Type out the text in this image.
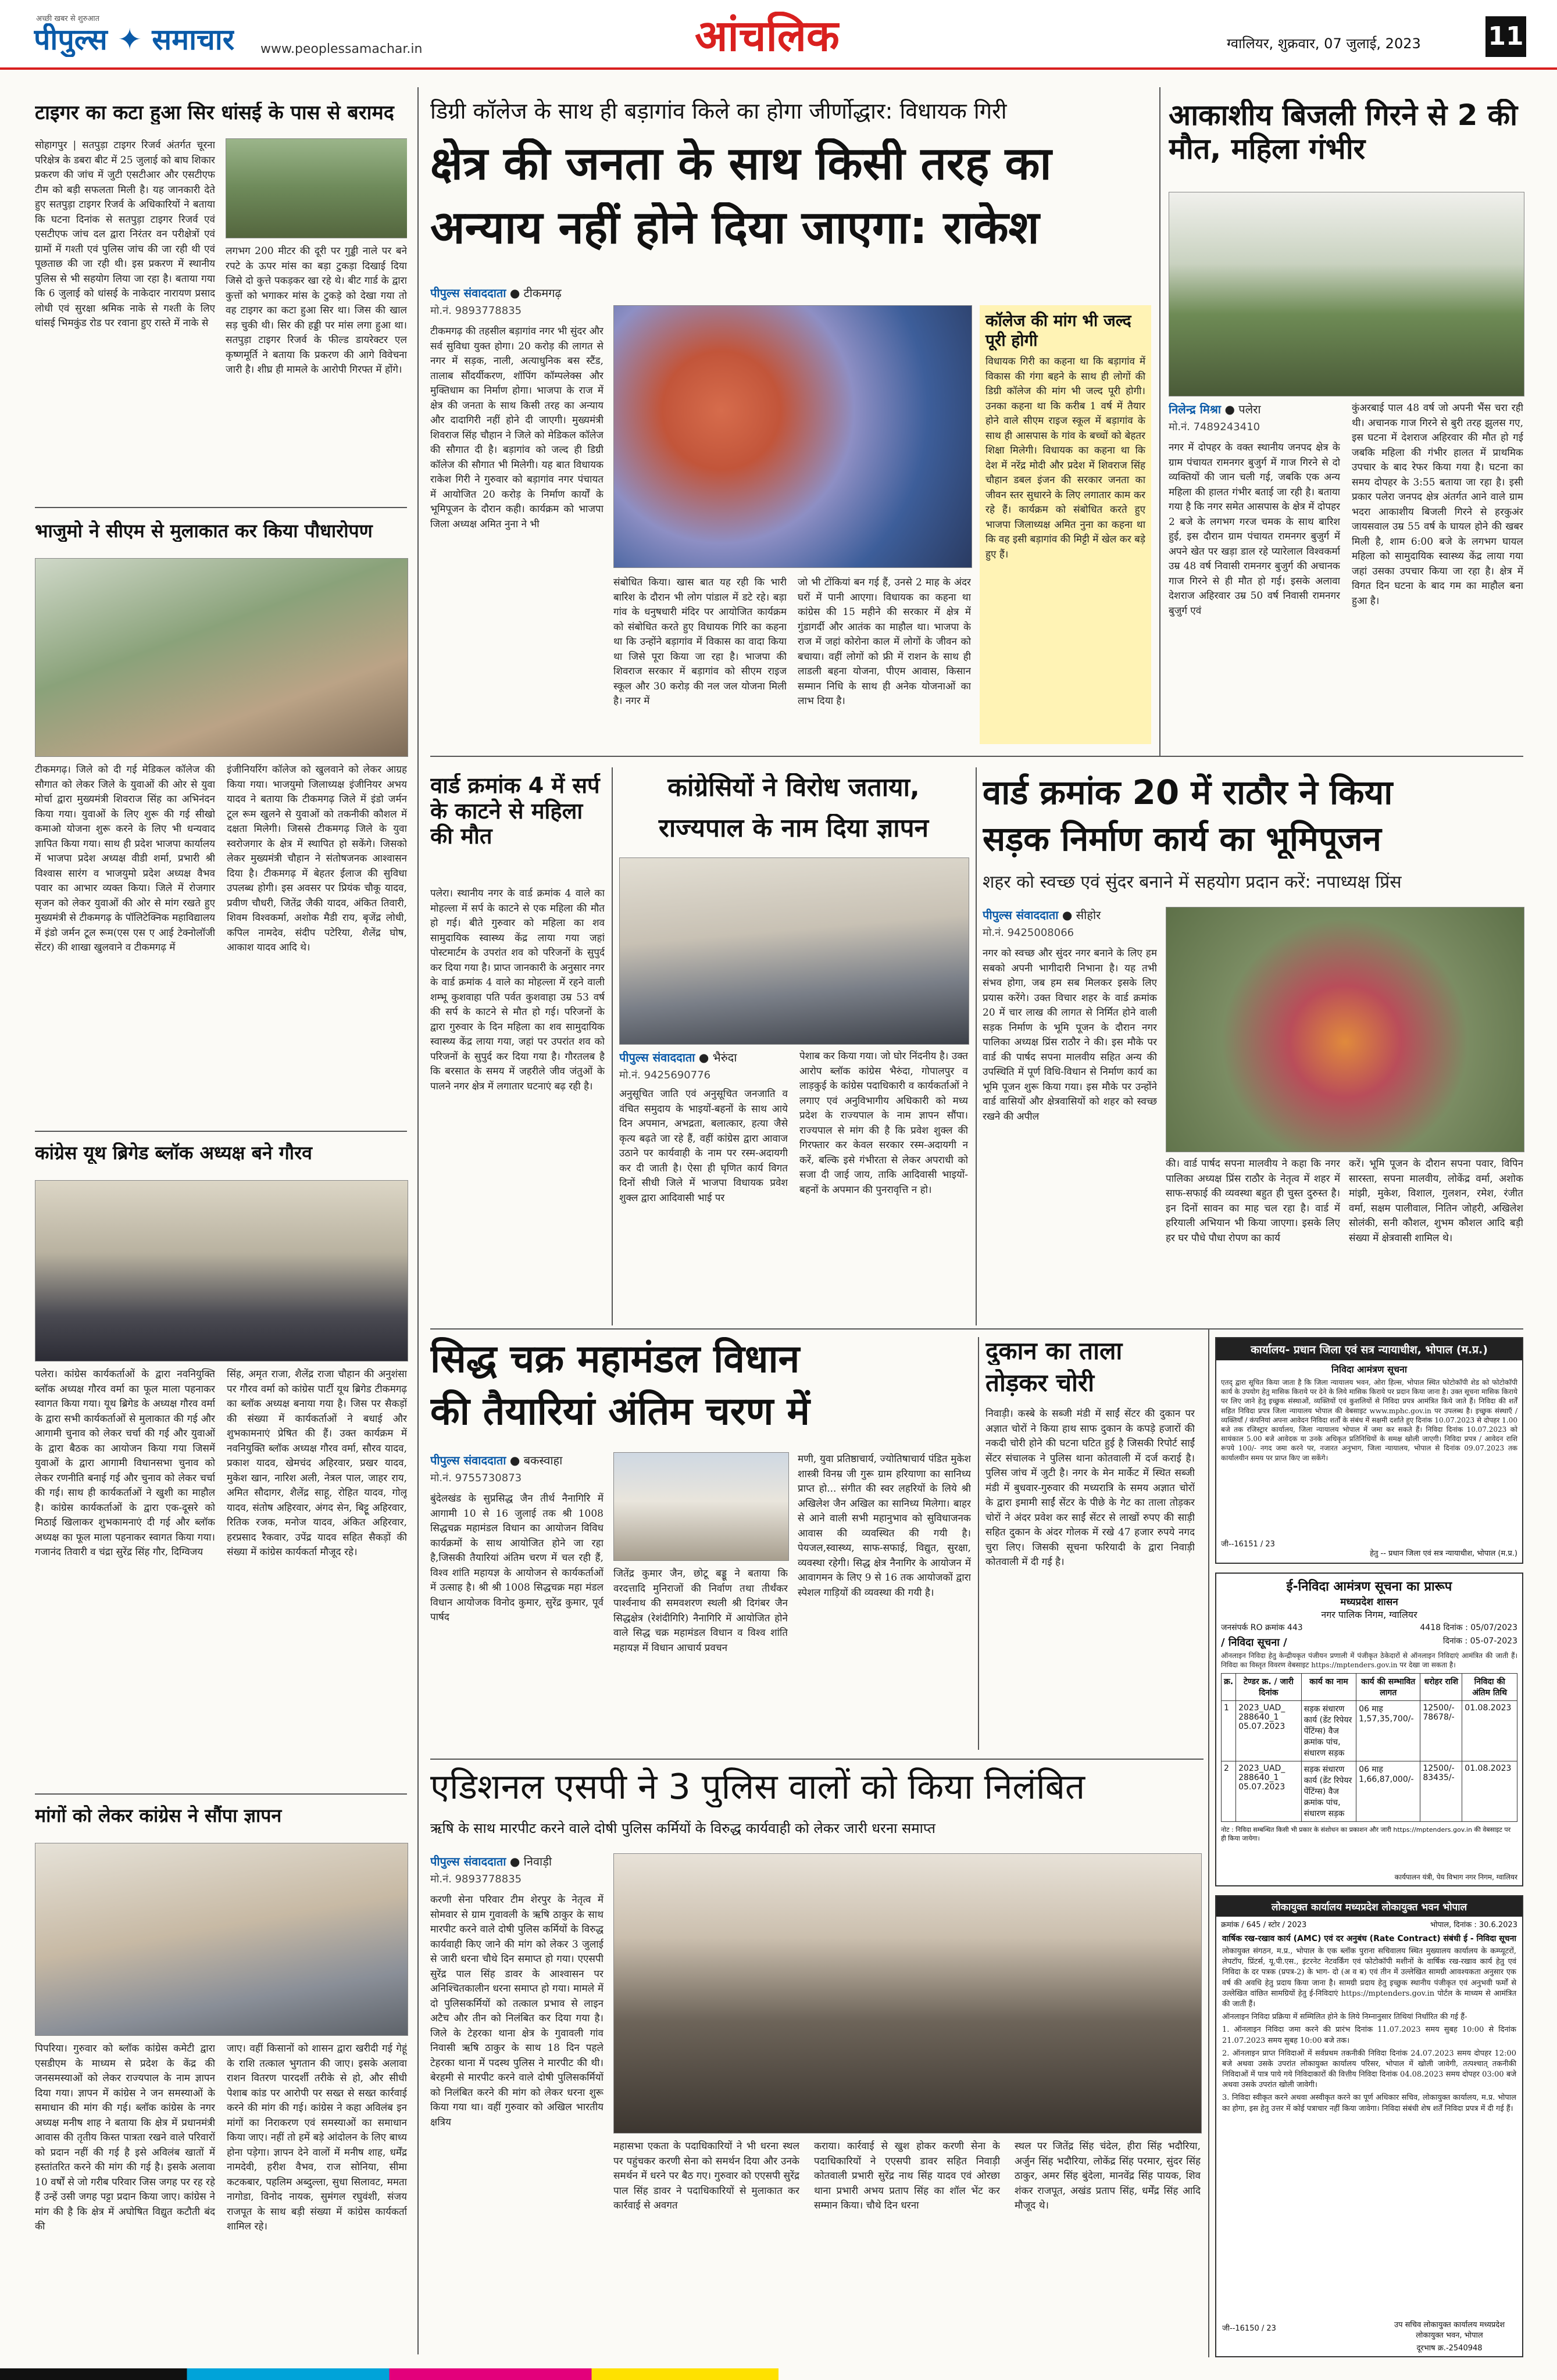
अच्छी खबर से शुरुआत
पीपुल्स ✦ समाचार www.peoplessamachar.in	आंचलिक	ग्वालियर, शुक्रवार, 07 जुलाई, 2023	11
टाइगर का कटा हुआ सिर धांसई के पास से बरामद
सोहागपुर | सतपुड़ा टाइगर रिजर्व अंतर्गत चूरना परिक्षेत्र के डबरा बीट में 25 जुलाई को बाघ शिकार प्रकरण की जांच में जुटी एसटीआर और एसटीएफ टीम को बड़ी सफलता मिली है। यह जानकारी देते हुए सतपुड़ा टाइगर रिजर्व के अधिकारियों ने बताया कि घटना दिनांक से सतपुड़ा टाइगर रिजर्व एवं एसटीएफ जांच दल द्वारा निरंतर वन परीक्षेत्रों एवं ग्रामों में गश्ती एवं पुलिस जांच की जा रही थी एवं पूछताछ की जा रही थी। इस प्रकरण में स्थानीय पुलिस से भी सहयोग लिया जा रहा है। बताया गया कि 6 जुलाई को धांसई के नाकेदार नारायण प्रसाद लोधी एवं सुरक्षा श्रमिक नाके से गश्ती के लिए धांसई भिमकुंड रोड पर रवाना हुए रास्ते में नाके से
लगभग 200 मीटर की दूरी पर गुड्डी नाले पर बने रपटे के ऊपर मांस का बड़ा टुकड़ा दिखाई दिया जिसे दो कुत्ते पकड़कर खा रहे थे। बीट गार्ड के द्वारा कुत्तों को भगाकर मांस के टुकड़े को देखा गया तो वह टाइगर का कटा हुआ सिर था। जिस की खाल सड़ चुकी थी। सिर की हड्डी पर मांस लगा हुआ था। सतपुड़ा टाइगर रिजर्व के फील्ड डायरेक्टर एल कृष्णमूर्ति ने बताया कि प्रकरण की आगे विवेचना जारी है। शीघ्र ही मामले के आरोपी गिरफ्त में होंगे।
भाजुमो ने सीएम से मुलाकात कर किया पौधारोपण
टीकमगढ़। जिले को दी गई मेडिकल कॉलेज की सौगात को लेकर जिले के युवाओं की ओर से युवा मोर्चा द्वारा मुख्यमंत्री शिवराज सिंह का अभिनंदन किया गया। युवाओं के लिए शुरू की गई सीखो कमाओ योजना शुरू करने के लिए भी धन्यवाद ज्ञापित किया गया। साथ ही प्रदेश भाजपा कार्यालय में भाजपा प्रदेश अध्यक्ष वीडी शर्मा, प्रभारी श्री विश्वास सारंग व भाजयुमो प्रदेश अध्यक्ष वैभव पवार का आभार व्यक्त किया। जिले में रोजगार सृजन को लेकर युवाओं की ओर से मांग रखते हुए मुख्यमंत्री से टीकमगढ़ के पॉलिटेक्निक महाविद्यालय में इंडो जर्मन टूल रूम(एस एस ए आई टेक्नोलॉजी सेंटर) की शाखा खुलवाने व टीकमगढ़ में
इंजीनियरिंग कॉलेज को खुलवाने को लेकर आग्रह किया गया। भाजयुमो जिलाध्यक्ष इंजीनियर अभय यादव ने बताया कि टीकमगढ़ जिले में इंडो जर्मन टूल रूम खुलने से युवाओं को तकनीकी कौशल में दक्षता मिलेगी। जिससे टीकमगढ़ जिले के युवा स्वरोजगार के क्षेत्र में स्थापित हो सकेंगे। जिसको लेकर मुख्यमंत्री चौहान ने संतोषजनक आश्वासन दिया है। टीकमगढ़ में बेहतर ईलाज की सुविधा उपलब्ध होगी। इस अवसर पर प्रियंक चौकू यादव, प्रवीण चौधरी, जितेंद्र जैकी यादव, अंकित तिवारी, शिवम विश्वकर्मा, अशोक मैडी राय, बृजेंद्र लोधी, कपिल नामदेव, संदीप पटेरिया, शैलेंद्र घोष, आकाश यादव आदि थे।
कांग्रेस यूथ ब्रिगेड ब्लॉक अध्यक्ष बने गौरव
पलेरा। कांग्रेस कार्यकर्ताओं के द्वारा नवनियुक्ति ब्लॉक अध्यक्ष गौरव वर्मा का फूल माला पहनाकर स्वागत किया गया। यूथ ब्रिगेड के अध्यक्ष गौरव वर्मा के द्वारा सभी कार्यकर्ताओं से मुलाकात की गई और आगामी चुनाव को लेकर चर्चा की गई और युवाओं के द्वारा बैठक का आयोजन किया गया जिसमें युवाओं के द्वारा आगामी विधानसभा चुनाव को लेकर रणनीति बनाई गई और चुनाव को लेकर चर्चा की गई। साथ ही कार्यकर्ताओं ने खुशी का माहौल है। कांग्रेस कार्यकर्ताओं के द्वारा एक-दूसरे को मिठाई खिलाकर शुभकामनाएं दी गई और ब्लॉक अध्यक्ष का फूल माला पहनाकर स्वागत किया गया। गजानंद तिवारी व चंद्रा सुरेंद्र सिंह गौर, दिग्विजय
सिंह, अमृत राजा, शैलेंद्र राजा चौहान की अनुशंसा पर गौरव वर्मा को कांग्रेस पार्टी यूथ ब्रिगेड टीकमगढ़ का ब्लॉक अध्यक्ष बनाया गया है। जिस पर सैकड़ों की संख्या में कार्यकर्ताओं ने बधाई और शुभकामनाएं प्रेषित की हैं। उक्त कार्यक्रम में नवनियुक्ति ब्लॉक अध्यक्ष गौरव वर्मा, सौरव यादव, प्रकाश यादव, खेमचंद अहिरवार, प्रखर यादव, मुकेश खान, नारिश अली, नेत्रल पाल, जाहर राय, अमित सौदागर, शैलेंद्र साहू, रोहित यादव, गोलू यादव, संतोष अहिरवार, अंगद सेन, बिट्टू अहिरवार, रितिक रजक, मनोज यादव, अंकित अहिरवार, हरप्रसाद रैकवार, उपेंद्र यादव सहित सैकड़ों की संख्या में कांग्रेस कार्यकर्ता मौजूद रहे।
मांगों को लेकर कांग्रेस ने सौंपा ज्ञापन
पिपरिया। गुरुवार को ब्लॉक कांग्रेस कमेटी द्वारा एसडीएम के माध्यम से प्रदेश के केंद्र की जनसमस्याओं को लेकर राज्यपाल के नाम ज्ञापन दिया गया। ज्ञापन में कांग्रेस ने जन समस्याओं के समाधान की मांग की गई। ब्लॉक कांग्रेस के नगर अध्यक्ष मनीष शाह ने बताया कि क्षेत्र में प्रधानमंत्री आवास की तृतीय किस्त पात्रता रखने वाले परिवारों को प्रदान नहीं की गई है इसे अविलंब खातों में हस्तांतरित करने की मांग की गई है। इसके अलावा 10 वर्षों से जो गरीब परिवार जिस जगह पर रह रहे हैं उन्हें उसी जगह पट्टा प्रदान किया जाए। कांग्रेस ने मांग की है कि क्षेत्र में अघोषित विद्युत कटौती बंद की
जाए। वहीं किसानों को शासन द्वारा खरीदी गई गेहूं के राशि तत्काल भुगतान की जाए। इसके अलावा राशन वितरण पारदर्शी तरीके से हो, और सीधी पेशाब कांड पर आरोपी पर सख्त से सख्त कार्रवाई करने की मांग की गई। कांग्रेस ने कहा अविलंब इन मांगों का निराकरण एवं समस्याओं का समाधान किया जाए। नहीं तो हमें बड़े आंदोलन के लिए बाध्य होना पड़ेगा। ज्ञापन देने वालों में मनीष शाह, धर्मेंद्र नामदेवी, हरीश वैभव, राज सोनिया, सीमा कटकबार, पहलिम अब्दुल्ला, सुधा सिलावट, ममता नागोडा, विनोद नायक, सुमंगल रघुवंशी, संजय राजपूत के साथ बड़ी संख्या में कांग्रेस कार्यकर्ता शामिल रहे।
डिग्री कॉलेज के साथ ही बड़ागांव किले का होगा जीर्णोद्धार: विधायक गिरी
क्षेत्र की जनता के साथ किसी तरह का
अन्याय नहीं होने दिया जाएगा: राकेश
पीपुल्स संवाददाता ● टीकमगढ़
मो.नं. 9893778835
टीकमगढ़ की तहसील बड़ागांव नगर भी सुंदर और सर्व सुविधा युक्त होगा। 20 करोड़ की लागत से नगर में सड़क, नाली, अत्याधुनिक बस स्टैंड, तालाब सौंदर्यीकरण, शॉपिंग कॉम्पलेक्स और मुक्तिधाम का निर्माण होगा। भाजपा के राज में क्षेत्र की जनता के साथ किसी तरह का अन्याय और दादागिरी नहीं होने दी जाएगी। मुख्यमंत्री शिवराज सिंह चौहान ने जिले को मेडिकल कॉलेज की सौगात दी है। बड़ागांव को जल्द ही डिग्री कॉलेज की सौगात भी मिलेगी। यह बात विधायक राकेश गिरी ने गुरुवार को बड़ागांव नगर पंचायत में आयोजित 20 करोड़ के निर्माण कार्यों के भूमिपूजन के दौरान कही। कार्यक्रम को भाजपा जिला अध्यक्ष अमित नुना ने भी
संबोधित किया। खास बात यह रही कि भारी बारिश के दौरान भी लोग पांडाल में डटे रहे। बड़ा गांव के धनुषधारी मंदिर पर आयोजित कार्यक्रम को संबोधित करते हुए विधायक गिरि का कहना था कि उन्होंने बड़ागांव में विकास का वादा किया था जिसे पूरा किया जा रहा है। भाजपा की शिवराज सरकार में बड़ागांव को सीएम राइज स्कूल और 30 करोड़ की नल जल योजना मिली है। नगर में
जो भी टोंकियां बन गई हैं, उनसे 2 माह के अंदर घरों में पानी आएगा। विधायक का कहना था कांग्रेस की 15 महीने की सरकार में क्षेत्र में गुंडागर्दी और आतंक का माहौल था। भाजपा के राज में जहां कोरोना काल में लोगों के जीवन को बचाया। वहीं लोगों को फ्री में राशन के साथ ही लाडली बहना योजना, पीएम आवास, किसान सम्मान निधि के साथ ही अनेक योजनाओं का लाभ दिया है।
कॉलेज की मांग भी जल्द पूरी होगी
विधायक गिरी का कहना था कि बड़ागांव में विकास की गंगा बहने के साथ ही लोगों की डिग्री कॉलेज की मांग भी जल्द पूरी होगी। उनका कहना था कि करीब 1 वर्ष में तैयार होने वाले सीएम राइज स्कूल में बड़ागांव के साथ ही आसपास के गांव के बच्चों को बेहतर शिक्षा मिलेगी। विधायक का कहना था कि देश में नरेंद्र मोदी और प्रदेश में शिवराज सिंह चौहान डबल इंजन की सरकार जनता का जीवन स्तर सुधारने के लिए लगातार काम कर रहे हैं। कार्यक्रम को संबोधित करते हुए भाजपा जिलाध्यक्ष अमित नुना का कहना था कि वह इसी बड़ागांव की मिट्टी में खेल कर बड़े हुए हैं।
आकाशीय बिजली गिरने से 2 की मौत, महिला गंभीर
निलेन्द्र मिश्रा ● पलेरा
मो.नं. 7489243410
नगर में दोपहर के वक्त स्थानीय जनपद क्षेत्र के ग्राम पंचायत रामनगर बुजुर्ग में गाज गिरने से दो व्यक्तियों की जान चली गई, जबकि एक अन्य महिला की हालत गंभीर बताई जा रही है। बताया गया है कि नगर समेत आसपास के क्षेत्र में दोपहर 2 बजे के लगभग गरज चमक के साथ बारिश हुई, इस दौरान ग्राम पंचायत रामनगर बुजुर्ग में अपने खेत पर खड़ा डाल रहे प्यारेलाल विश्वकर्मा उम्र 48 वर्ष निवासी रामनगर बुजुर्ग की अचानक गाज गिरने से ही मौत हो गई। इसके अलावा देशराज अहिरवार उम्र 50 वर्ष निवासी रामनगर बुजुर्ग एवं
कुंअरबाई पाल 48 वर्ष जो अपनी भैंस चरा रही थी। अचानक गाज गिरने से बुरी तरह झुलस गए, इस घटना में देशराज अहिरवार की मौत हो गई जबकि महिला की गंभीर हालत में प्राथमिक उपचार के बाद रेफर किया गया है। घटना का समय दोपहर के 3:55 बताया जा रहा है। इसी प्रकार पलेरा जनपद क्षेत्र अंतर्गत आने वाले ग्राम भदरा आकाशीय बिजली गिरने से हरकुअंर जायसवाल उम्र 55 वर्ष के घायल होने की खबर मिली है, शाम 6:00 बजे के लगभग घायल महिला को सामुदायिक स्वास्थ्य केंद्र लाया गया जहां उसका उपचार किया जा रहा है। क्षेत्र में विगत दिन घटना के बाद गम का माहौल बना हुआ है।
वार्ड क्रमांक 4 में सर्प के काटने से महिला की मौत
पलेरा। स्थानीय नगर के वार्ड क्रमांक 4 वाले का मोहल्ला में सर्प के काटने से एक महिला की मौत हो गई। बीते गुरुवार को महिला का शव सामुदायिक स्वास्थ्य केंद्र लाया गया जहां पोस्टमार्टम के उपरांत शव को परिजनों के सुपुर्द कर दिया गया है। प्राप्त जानकारी के अनुसार नगर के वार्ड क्रमांक 4 वाले का मोहल्ला में रहने वाली शम्भू कुशवाहा पति पर्वत कुशवाहा उम्र 53 वर्ष की सर्प के काटने से मौत हो गई। परिजनों के द्वारा गुरुवार के दिन महिला का शव सामुदायिक स्वास्थ्य केंद्र लाया गया, जहां पर उपरांत शव को परिजनों के सुपुर्द कर दिया गया है। गौरतलब है कि बरसात के समय में जहरीले जीव जंतुओं के पालने नगर क्षेत्र में लगातार घटनाएं बढ़ रही है।
कांग्रेसियों ने विरोध जताया,
राज्यपाल के नाम दिया ज्ञापन
पीपुल्स संवाददाता ● भैरुंदा
मो.नं. 9425690776
अनुसूचित जाति एवं अनुसूचित जनजाति व वंचित समुदाय के भाइयों-बहनों के साथ आये दिन अपमान, अभद्रता, बलात्कार, हत्या जैसे कृत्य बढ़ते जा रहे हैं, वहीं कांग्रेस द्वारा आवाज उठाने पर कार्यवाही के नाम पर रस्म-अदायगी कर दी जाती है। ऐसा ही घृणित कार्य विगत दिनों सीधी जिले में भाजपा विधायक प्रवेश शुक्ल द्वारा आदिवासी भाई पर
पेशाब कर किया गया। जो घोर निंदनीय है। उक्त आरोप ब्लॉक कांग्रेस भैरुंदा, गोपालपुर व लाड़कुई के कांग्रेस पदाधिकारी व कार्यकर्ताओं ने लगाए एवं अनुविभागीय अधिकारी को मध्य प्रदेश के राज्यपाल के नाम ज्ञापन सौंपा। राज्यपाल से मांग की है कि प्रवेश शुक्ल की गिरफ्तार कर केवल सरकार रस्म-अदायगी न करें, बल्कि इसे गंभीरता से लेकर अपराधी को सजा दी जाई जाय, ताकि आदिवासी भाइयों-बहनों के अपमान की पुनरावृत्ति न हो।
वार्ड क्रमांक 20 में राठौर ने किया
सड़क निर्माण कार्य का भूमिपूजन
शहर को स्वच्छ एवं सुंदर बनाने में सहयोग प्रदान करें: नपाध्यक्ष प्रिंस
पीपुल्स संवाददाता ● सीहोर
मो.नं. 9425008066
नगर को स्वच्छ और सुंदर नगर बनाने के लिए हम सबको अपनी भागीदारी निभाना है। यह तभी संभव होगा, जब हम सब मिलकर इसके लिए प्रयास करेंगे। उक्त विचार शहर के वार्ड क्रमांक 20 में चार लाख की लागत से निर्मित होने वाली सड़क निर्माण के भूमि पूजन के दौरान नगर पालिका अध्यक्ष प्रिंस राठौर ने की। इस मौके पर वार्ड की पार्षद सपना मालवीय सहित अन्य की उपस्थिति में पूर्ण विधि-विधान से निर्माण कार्य का भूमि पूजन शुरू किया गया। इस मौके पर उन्होंने वार्ड वासियों और क्षेत्रवासियों को शहर को स्वच्छ रखने की अपील
की। वार्ड पार्षद सपना मालवीय ने कहा कि नगर पालिका अध्यक्ष प्रिंस राठौर के नेतृत्व में शहर में साफ-सफाई की व्यवस्था बहुत ही चुस्त दुरुस्त है। इन दिनों सावन का माह चल रहा है। वार्ड में हरियाली अभियान भी किया जाएगा। इसके लिए हर घर पौधे पौधा रोपण का कार्य
करें। भूमि पूजन के दौरान सपना पवार, विपिन सारस्ता, सपना मालवीय, लोकेंद्र वर्मा, अशोक मांझी, मुकेश, विशाल, गुलशन, रमेश, रंजीत वर्मा, सक्षम पालीवाल, नितिन जोहरी, अखिलेश सोलंकी, सनी कौशल, शुभम कौशल आदि बड़ी संख्या में क्षेत्रवासी शामिल थे।
सिद्ध चक्र महामंडल विधान
की तैयारियां अंतिम चरण में
पीपुल्स संवाददाता ● बकस्वाहा
मो.नं. 9755730873
बुंदेलखंड के सुप्रसिद्ध जैन तीर्थ नैनागिरि में आगामी 10 से 16 जुलाई तक श्री 1008 सिद्धचक्र महामंडल विधान का आयोजन विविध कार्यक्रमों के साथ आयोजित होने जा रहा है,जिसकी तैयारियां अंतिम चरण में चल रही हैं, विश्व शांति महायज्ञ के आयोजन से कार्यकर्ताओं में उत्साह है। श्री श्री 1008 सिद्धचक्र महा मंडल विधान आयोजक विनोद कुमार, सुरेंद्र कुमार, पूर्व पार्षद
जितेंद्र कुमार जैन, छोटू बड्डू ने बताया कि वरदत्तादि मुनिराजों की निर्वाण तथा तीर्थंकर पार्श्वनाथ की समवशरण स्थली श्री दिगंबर जैन सिद्धक्षेत्र (रेशंदीगिरि) नैनागिरि में आयोजित होने वाले सिद्ध चक्र महामंडल विधान व विश्व शांति महायज्ञ में विधान आचार्य प्रवचन
मणी, युवा प्रतिष्ठाचार्य, ज्योतिषाचार्य पंडित मुकेश शास्त्री विनम्र जी गुरू ग्राम हरियाणा का सानिध्य प्राप्त हो... संगीत की स्वर लहरियों के लिये श्री अखिलेश जैन अखिल का सानिध्य मिलेगा। बाहर से आने वाली सभी महानुभाव को सुविधाजनक आवास की व्यवस्थित की गयी है। पेयजल,स्वास्थ्य, साफ-सफाई, विद्युत, सुरक्षा, व्यवस्था रहेगी। सिद्ध क्षेत्र नैनागिर के आयोजन में आवागमन के लिए 9 से 16 तक आयोजकों द्वारा स्पेशल गाड़ियों की व्यवस्था की गयी है।
दुकान का ताला
तोड़कर चोरी
निवाड़ी। कस्बे के सब्जी मंडी में साईं सेंटर की दुकान पर अज्ञात चोरों ने किया हाथ साफ दुकान के कपड़े हजारों की नकदी चोरी होने की घटना घटित हुई है जिसकी रिपोर्ट साईं सेंटर संचालक ने पुलिस थाना कोतवाली में दर्ज कराई है। पुलिस जांच में जुटी है। नगर के मेन मार्केट में स्थित सब्जी मंडी में बुधवार-गुरुवार की मध्यरात्रि के समय अज्ञात चोरों के द्वारा इमामी साईं सेंटर के पीछे के गेट का ताला तोड़कर चोरों ने अंदर प्रवेश कर साईं सेंटर से लाखों रुपए की साड़ी सहित दुकान के अंदर गोलक में रखे 47 हजार रुपये नगद चुरा लिए। जिसकी सूचना फरियादी के द्वारा निवाड़ी कोतवाली में दी गई है।
एडिशनल एसपी ने 3 पुलिस वालों को किया निलंबित
ऋषि के साथ मारपीट करने वाले दोषी पुलिस कर्मियों के विरुद्ध कार्यवाही को लेकर जारी धरना समाप्त
पीपुल्स संवाददाता ● निवाड़ी
मो.नं. 9893778835
करणी सेना परिवार टीम शेरपुर के नेतृत्व में सोमवार से ग्राम गुवावली के ऋषि ठाकुर के साथ मारपीट करने वाले दोषी पुलिस कर्मियों के विरुद्ध कार्यवाही किए जाने की मांग को लेकर 3 जुलाई से जारी धरना चौथे दिन समाप्त हो गया। एएसपी सुरेंद्र पाल सिंह डावर के आश्वासन पर अनिश्चितकालीन धरना समाप्त हो गया। मामले में दो पुलिसकर्मियों को तत्काल प्रभाव से लाइन अटैच और तीन को निलंबित कर दिया गया है। जिले के टेहरका थाना क्षेत्र के गुवावली गांव निवासी ऋषि ठाकुर के साथ 18 दिन पहले टेहरका थाना में पदस्थ पुलिस ने मारपीट की थी। बेरहमी से मारपीट करने वाले दोषी पुलिसकर्मियों को निलंबित करने की मांग को लेकर धरना शुरू किया गया था। वहीं गुरुवार को अखिल भारतीय क्षत्रिय
महासभा एकता के पदाधिकारियों ने भी धरना स्थल पर पहुंचकर करणी सेना को समर्थन दिया और उनके समर्थन में धरने पर बैठ गए। गुरुवार को एएसपी सुरेंद्र पाल सिंह डावर ने पदाधिकारियों से मुलाकात कर कार्रवाई से अवगत
कराया। कार्रवाई से खुश होकर करणी सेना के पदाधिकारियों ने एएसपी डावर सहित निवाड़ी कोतवाली प्रभारी सुरेंद्र नाथ सिंह यादव एवं ओरछा थाना प्रभारी अभय प्रताप सिंह का शॉल भेंट कर सम्मान किया। चौथे दिन धरना
स्थल पर जितेंद्र सिंह चंदेल, हीरा सिंह भदौरिया, अर्जुन सिंह भदौरिया, लोकेंद्र सिंह परमार, सुंदर सिंह ठाकुर, अमर सिंह बुंदेला, मानवेंद्र सिंह पायक, शिव शंकर राजपूत, अखंड प्रताप सिंह, धर्मेंद्र सिंह आदि मौजूद थे।
कार्यालय- प्रधान जिला एवं सत्र न्यायाधीश, भोपाल (म.प्र.)
निविदा आमंत्रण सूचना
एतद् द्वारा सूचित किया जाता है कि जिला न्यायालय भवन, ओरा हिल्स, भोपाल स्थित फोटोकॉपी शेड को फोटोकॉपी कार्य के उपयोग हेतु मासिक किराये पर देने के लिये मासिक किराये पर प्रदान किया जाना है। उक्त सूचना मासिक किराये पर लिए जाने हेतु इच्छुक संस्थाओं, व्यक्तियों एवं कुशलियों से निविदा प्रपत्र आमंत्रित किये जाते हैं। निविदा की शर्तें सहित निविदा प्रपत्र जिला न्यायालय भोपाल की वेबसाइट www.mphc.gov.in पर उपलब्ध है। इच्छुक संस्थाएँ / व्यक्तियाँ / कंपनियां अपना आवेदन निविदा शर्तों के संबंध में सक्षमी दर्शाते हुए दिनांक 10.07.2023 से दोपहर 1.00 बजे तक रजिस्ट्रार कार्यालय, जिला न्यायालय भोपाल में जमा कर सकते हैं। निविदा दिनांक 10.07.2023 को सायंकाल 5.00 बजे आवेदक या उनके अधिकृत प्रतिनिधियों के समक्ष खोली जाएगी। निविदा प्रपत्र / आवेदन राशि रूपये 100/- नगद जमा करने पर, नजारत अनुभाग, जिला न्यायालय, भोपाल से दिनांक 09.07.2023 तक कार्यालयीन समय पर प्राप्त किए जा सकेंगे।
जी--16151 / 23
हेतु -- प्रधान जिला एवं सत्र न्यायाधीश, भोपाल (म.प्र.)
ई-निविदा आमंत्रण सूचना का प्रारूप
मध्यप्रदेश शासन
नगर पालिक निगम, ग्वालियर
जनसंपर्क RO क्रमांक 443	4418 दिनांक : 05/07/2023
/ निविदा सूचना /	दिनांक : 05-07-2023
ऑनलाइन निविदा हेतु केन्द्रीयकृत पंजीयन प्रणाली में पंजीकृत ठेकेदारों से ऑनलाइन निविदाएं आमंत्रित की जाती हैं। निविदा का विस्तृत विवरण वेबसाइट https://mptenders.gov.in पर देखा जा सकता है।
क्र.	टेण्डर क्र. / जारी दिनांक	कार्य का नाम	कार्य की सम्भावित लागत	धरोहर राशि	निविदा की अंतिम तिथि
1	2023_UAD_ 288640_1 05.07.2023	सड़क संधारण कार्य (डेंट रिपेयर पेंटिंग्स) वैज क्रमांक पांच, संधारण सड़क	06 माह 1,57,35,700/-	12500/- 78678/-	01.08.2023
2	2023_UAD_ 288640_1 05.07.2023	सड़क संधारण कार्य (डेंट रिपेयर पेंटिंग्स) वैज क्रमांक पांच, संधारण सड़क	06 माह 1,66,87,000/-	12500/- 83435/-	01.08.2023
नोट : निविदा सम्बन्धित किसी भी प्रकार के संशोधन का प्रकाशन और जारी https://mptenders.gov.in की वेबसाइट पर ही किया जायेगा।
कार्यपालन यंत्री, पेय विभाग नगर निगम, ग्वालियर
लोकायुक्त कार्यालय मध्यप्रदेश लोकायुक्त भवन भोपाल
क्रमांक / 645 / स्टोर / 2023	भोपाल, दिनांक : 30.6.2023
वार्षिक रख-रखाव कार्य (AMC) एवं दर अनुबंध (Rate Contract) संबंधी ई - निविदा सूचना
लोकायुक्त संगठन, म.प्र., भोपाल के एक ब्लॉक पुराना सचिवालय स्थित मुख्यालय कार्यालय के कम्प्यूटरों, लेपटॉप, प्रिंटर्स, यू.पी.एस., इंटरनेट नेटवर्किंग एवं फोटोकॉपी मशीनों के वार्षिक रख-रखाव कार्य हेतु एवं निविदा के दर पत्रक (प्रपत्र-2) के भाग- दो (अ व ब) एवं तीन में उल्लेखित सामग्री आवश्यकता अनुसार एक वर्ष की अवधि हेतु प्रदाय किया जाना है। सामग्री प्रदाय हेतु इच्छुक स्थानीय पंजीकृत एवं अनुभवी फर्मों से उल्लेखित वांछित सामग्रियों हेतु ई-निविदाएं https://mptenders.gov.in पोर्टल के माध्यम से आमंत्रित की जाती हैं।
ऑनलाइन निविदा प्रक्रिया में सम्मिलित होने के लिये निम्नानुसार तिथियां निर्धारित की गई हैं-
1. ऑनलाइन निविदा जमा करने की प्रारंभ दिनांक 11.07.2023 समय सुबह 10:00 से दिनांक 21.07.2023 समय सुबह 10:00 बजे तक।
2. ऑनलाइन प्राप्त निविदाओं में सर्वप्रथम तकनीकी निविदा दिनांक 24.07.2023 समय दोपहर 12:00 बजे अथवा उसके उपरांत लोकायुक्त कार्यालय परिसर, भोपाल में खोली जावेगी, तत्पश्चात् तकनीकी निविदाओं में पात्र पाये गये निविदाकारों की वित्तीय निविदा दिनांक 04.08.2023 समय दोपहर 03:00 बजे अथवा उसके उपरांत खोली जावेगी।
3. निविदा स्वीकृत करने अथवा अस्वीकृत करने का पूर्ण अधिकार सचिव, लोकायुक्त कार्यालय, म.प्र. भोपाल का होगा, इस हेतु उत्तर में कोई पत्राचार नहीं किया जावेगा। निविदा संबंधी शेष शर्तें निविदा प्रपत्र में दी गई हैं।
जी--16150 / 23	उप सचिव लोकायुक्त कार्यालय मध्यप्रदेश लोकायुक्त भवन, भोपाल
दूरभाष क्र.-2540948
